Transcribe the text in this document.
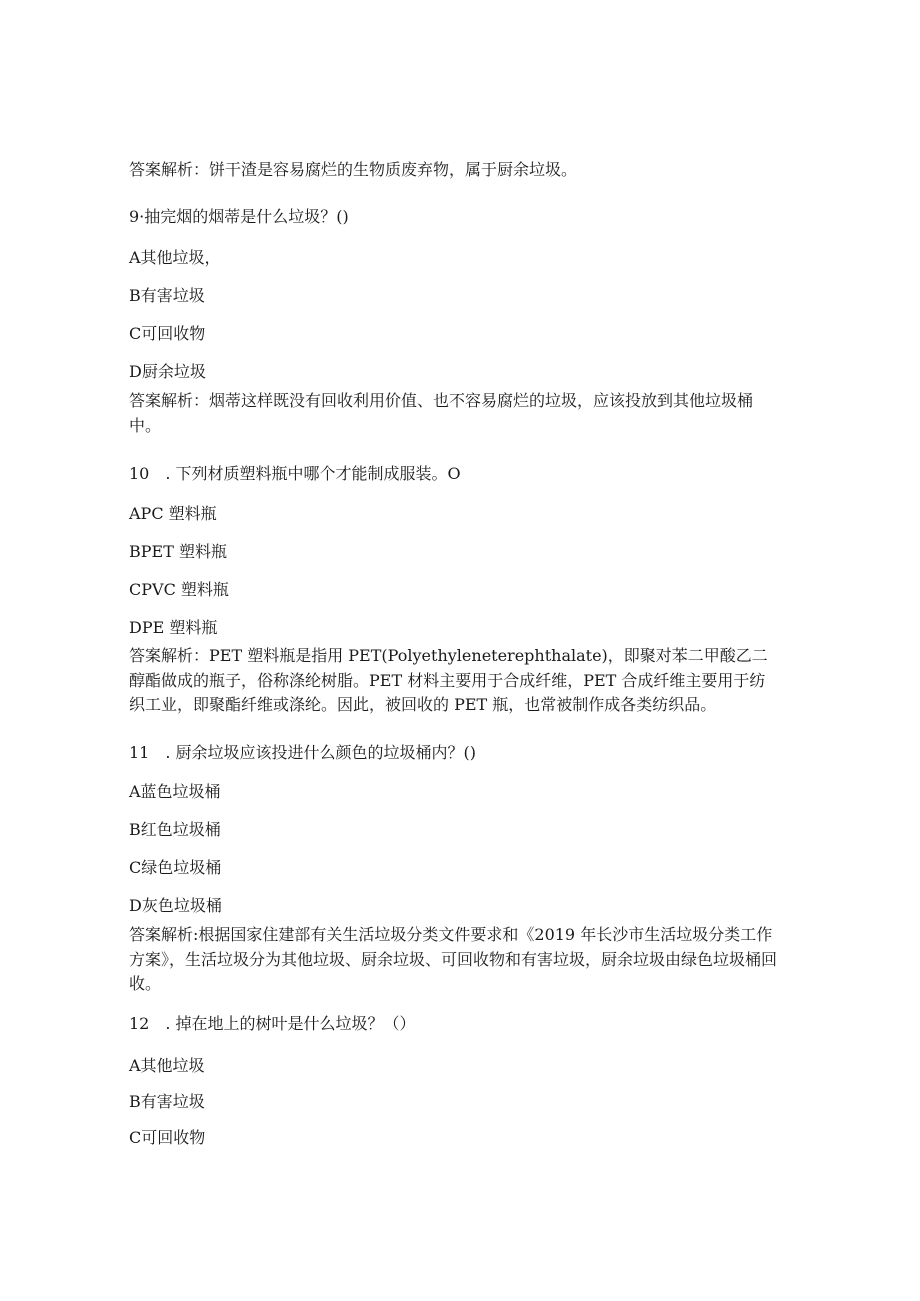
答案解析：饼干渣是容易腐烂的生物质废弃物，属于厨余垃圾。
9·抽完烟的烟蒂是什么垃圾？()
A其他垃圾，
B有害垃圾
C可回收物
D厨余垃圾
答案解析：烟蒂这样既没有回收利用价值、也不容易腐烂的垃圾，应该投放到其他垃圾桶中。
10　. 下列材质塑料瓶中哪个才能制成服装。O
APC 塑料瓶
BPET 塑料瓶
CPVC 塑料瓶
DPE 塑料瓶
答案解析：PET 塑料瓶是指用 PET(Polyethyleneterephthalate)，即聚对苯二甲酸乙二醇酯做成的瓶子，俗称涤纶树脂。PET 材料主要用于合成纤维，PET 合成纤维主要用于纺织工业，即聚酯纤维或涤纶。因此，被回收的 PET 瓶，也常被制作成各类纺织品。
11　. 厨余垃圾应该投进什么颜色的垃圾桶内？()
A蓝色垃圾桶
B红色垃圾桶
C绿色垃圾桶
D灰色垃圾桶
答案解析:根据国家住建部有关生活垃圾分类文件要求和《2019 年长沙市生活垃圾分类工作方案》，生活垃圾分为其他垃圾、厨余垃圾、可回收物和有害垃圾，厨余垃圾由绿色垃圾桶回收。
12　. 掉在地上的树叶是什么垃圾？（）
A其他垃圾
B有害垃圾
C可回收物
